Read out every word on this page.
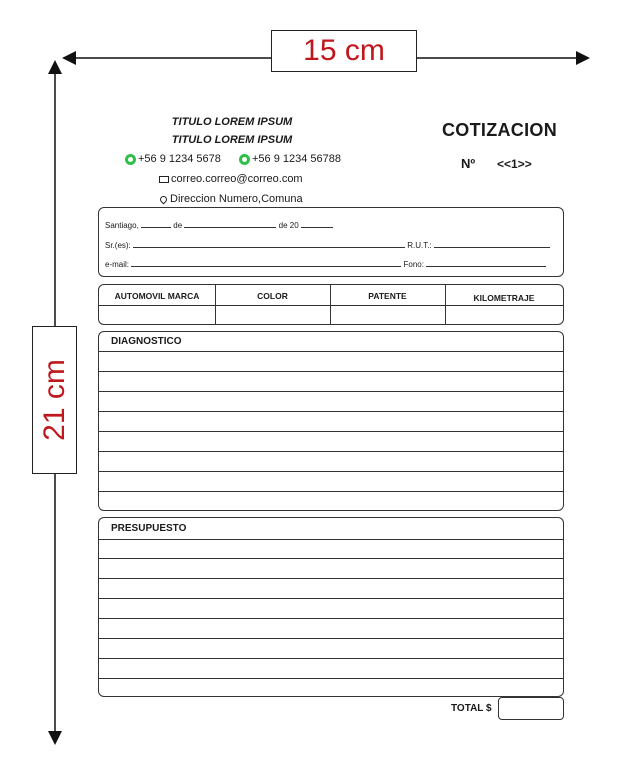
15 cm
21 cm
TITULO LOREM IPSUM
TITULO LOREM IPSUM
+56 9 1234 5678	+56 9 1234 56788
correo.correo@correo.com
Direccion Numero,Comuna
COTIZACION
Nº <<1>>
Santiago,	de	de 20
Sr.(es):	R.U.T.:
e-mail:	Fono:
AUTOMOVIL MARCA	COLOR	PATENTE	KILOMETRAJE
DIAGNOSTICO
PRESUPUESTO
TOTAL $
